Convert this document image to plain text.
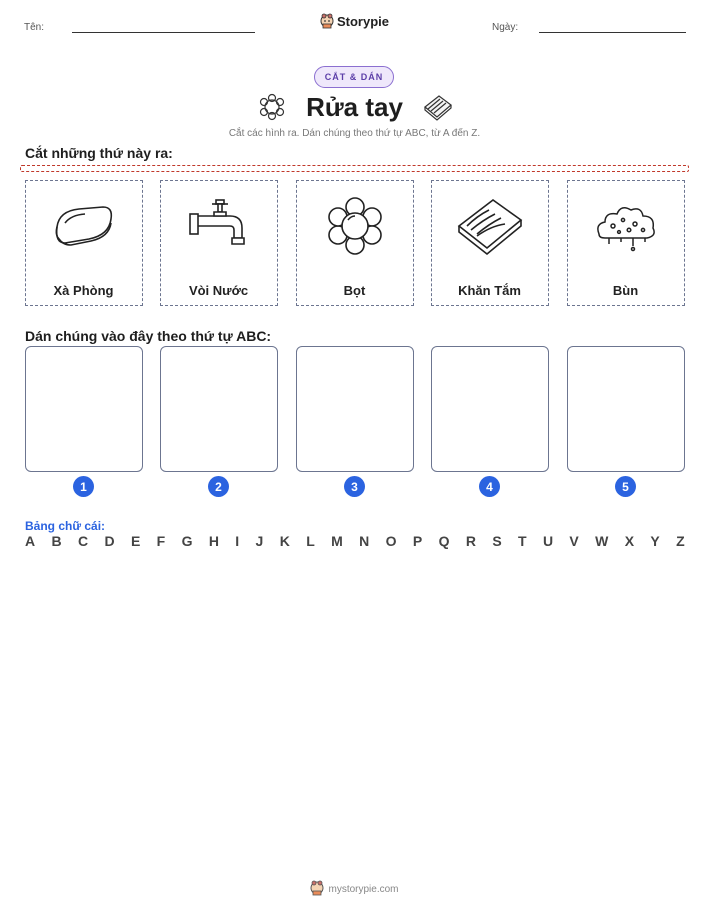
Tên:	Storypie	Ngày:
CẮT & DÁN
Rửa tay
Cắt các hình ra. Dán chúng theo thứ tự ABC, từ A đến Z.
Cắt những thứ này ra:
Xà Phòng	Vòi Nước	Bọt	Khăn Tắm	Bùn
Dán chúng vào đây theo thứ tự ABC:
1	2	3	4	5
Bảng chữ cái:
A B C D E F G H I J K L M N O P Q R S T U V W X Y Z
mystorypie.com
